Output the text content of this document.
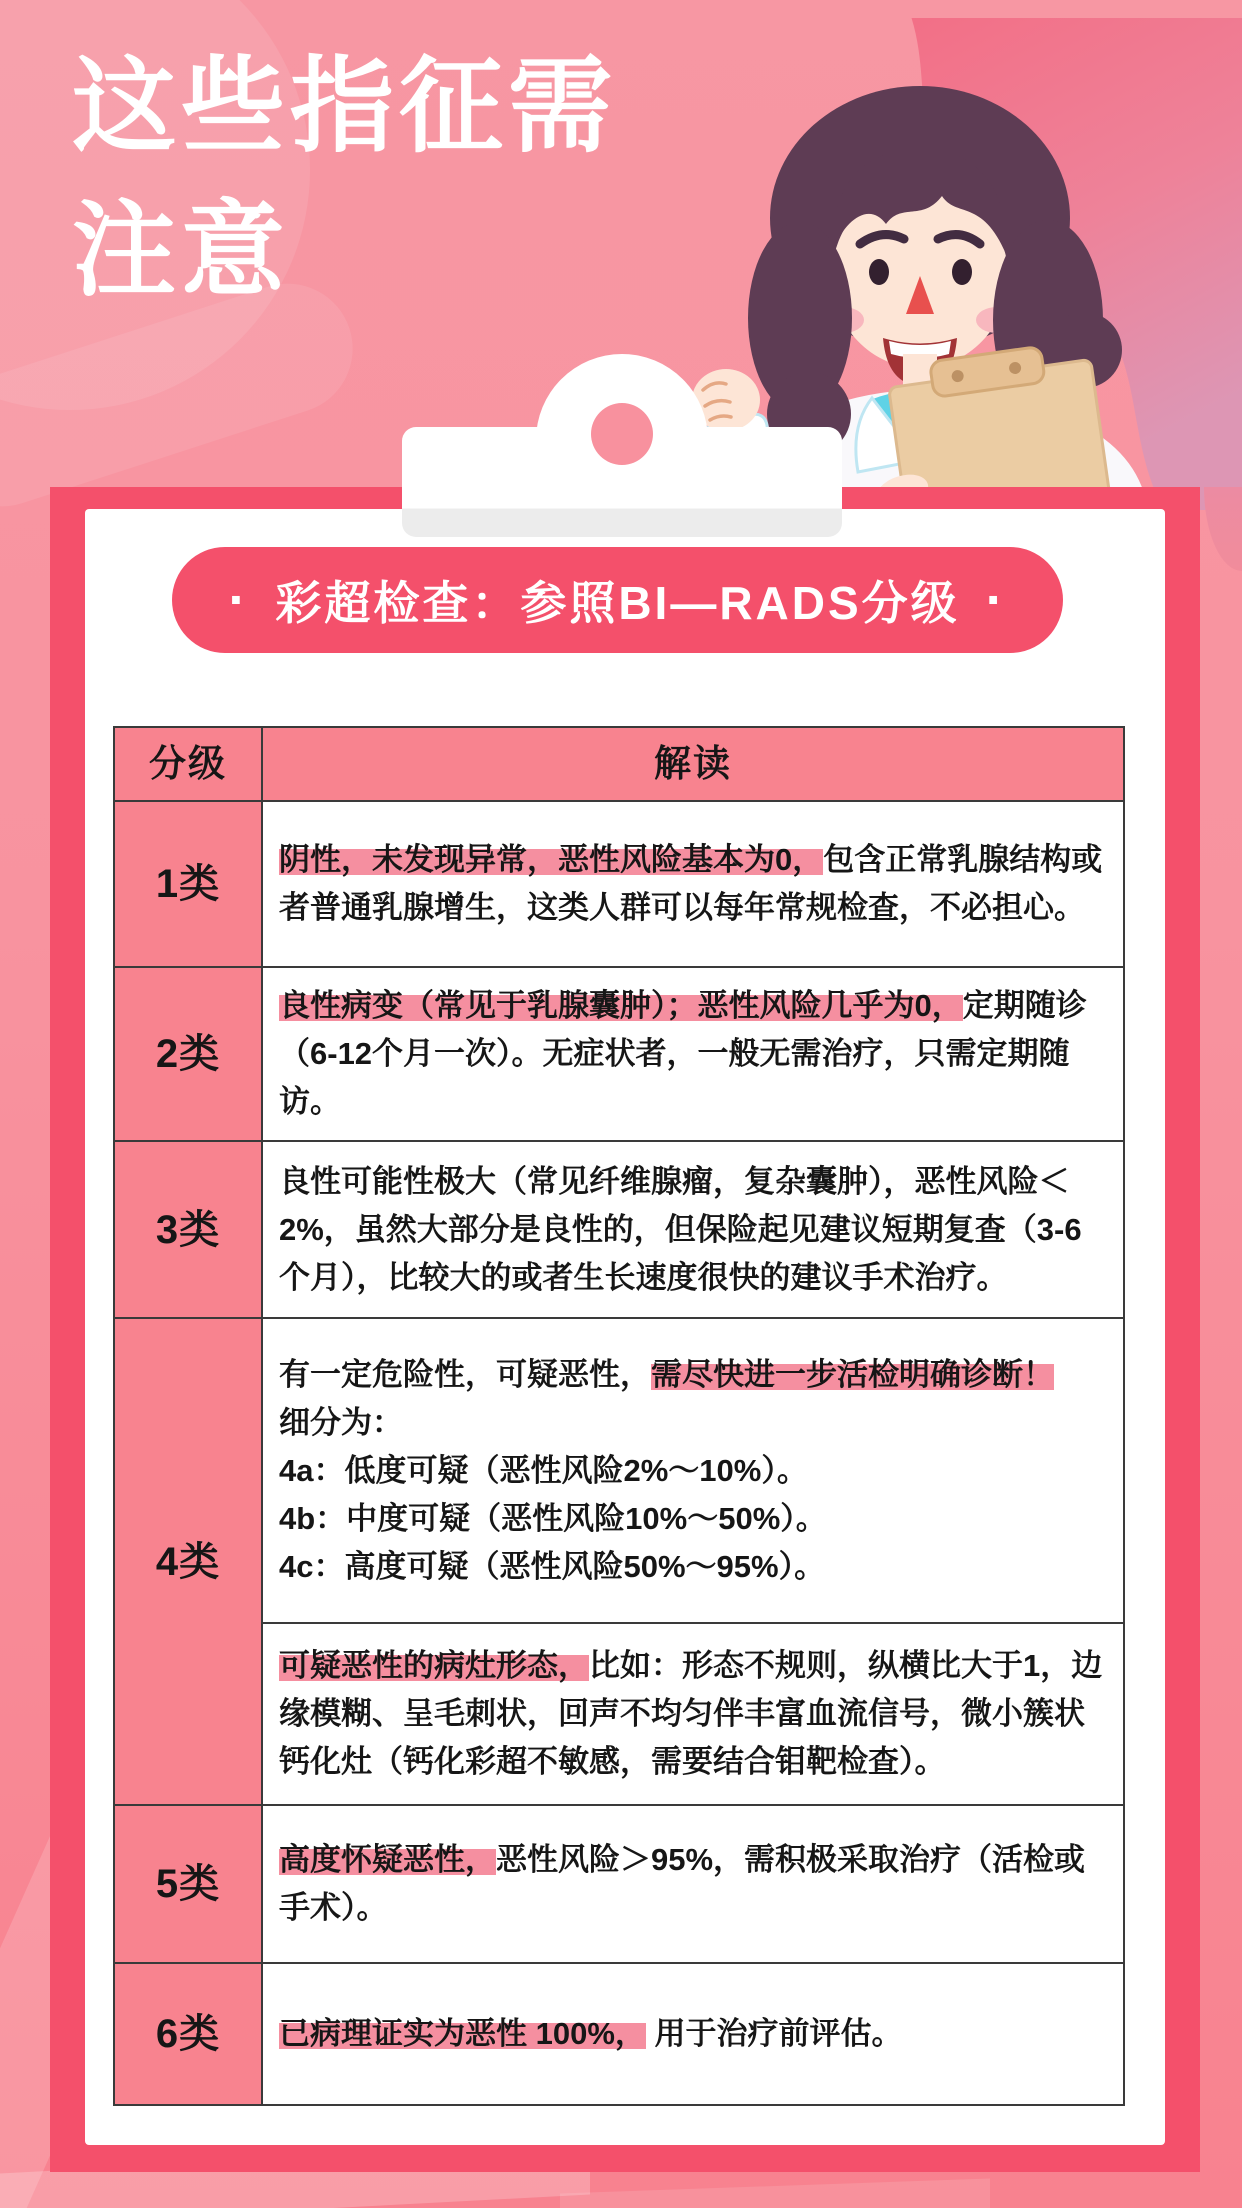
这些指征需
注意
· 彩超检查：参照BI—RADS分级 ·
分级	解读
1类	阴性，未发现异常，恶性风险基本为0，包含正常乳腺结构或者普通乳腺增生，这类人群可以每年常规检查，不必担心。
2类	良性病变（常见于乳腺囊肿）；恶性风险几乎为0，定期随诊（6-12个月一次）。无症状者，一般无需治疗，只需定期随访。
3类	良性可能性极大（常见纤维腺瘤，复杂囊肿），恶性风险＜2%，虽然大部分是良性的，但保险起见建议短期复查（3-6个月），比较大的或者生长速度很快的建议手术治疗。
4类	有一定危险性，可疑恶性，需尽快进一步活检明确诊断！
细分为：
4a：低度可疑（恶性风险2%～10%）。
4b：中度可疑（恶性风险10%～50%）。
4c：高度可疑（恶性风险50%～95%）。

	可疑恶性的病灶形态，比如：形态不规则，纵横比大于1，边缘模糊、呈毛刺状，回声不均匀伴丰富血流信号，微小簇状钙化灶（钙化彩超不敏感，需要结合钼靶检查）。
5类	高度怀疑恶性，恶性风险＞95%，需积极采取治疗（活检或手术）。
6类	已病理证实为恶性 100%， 用于治疗前评估。
